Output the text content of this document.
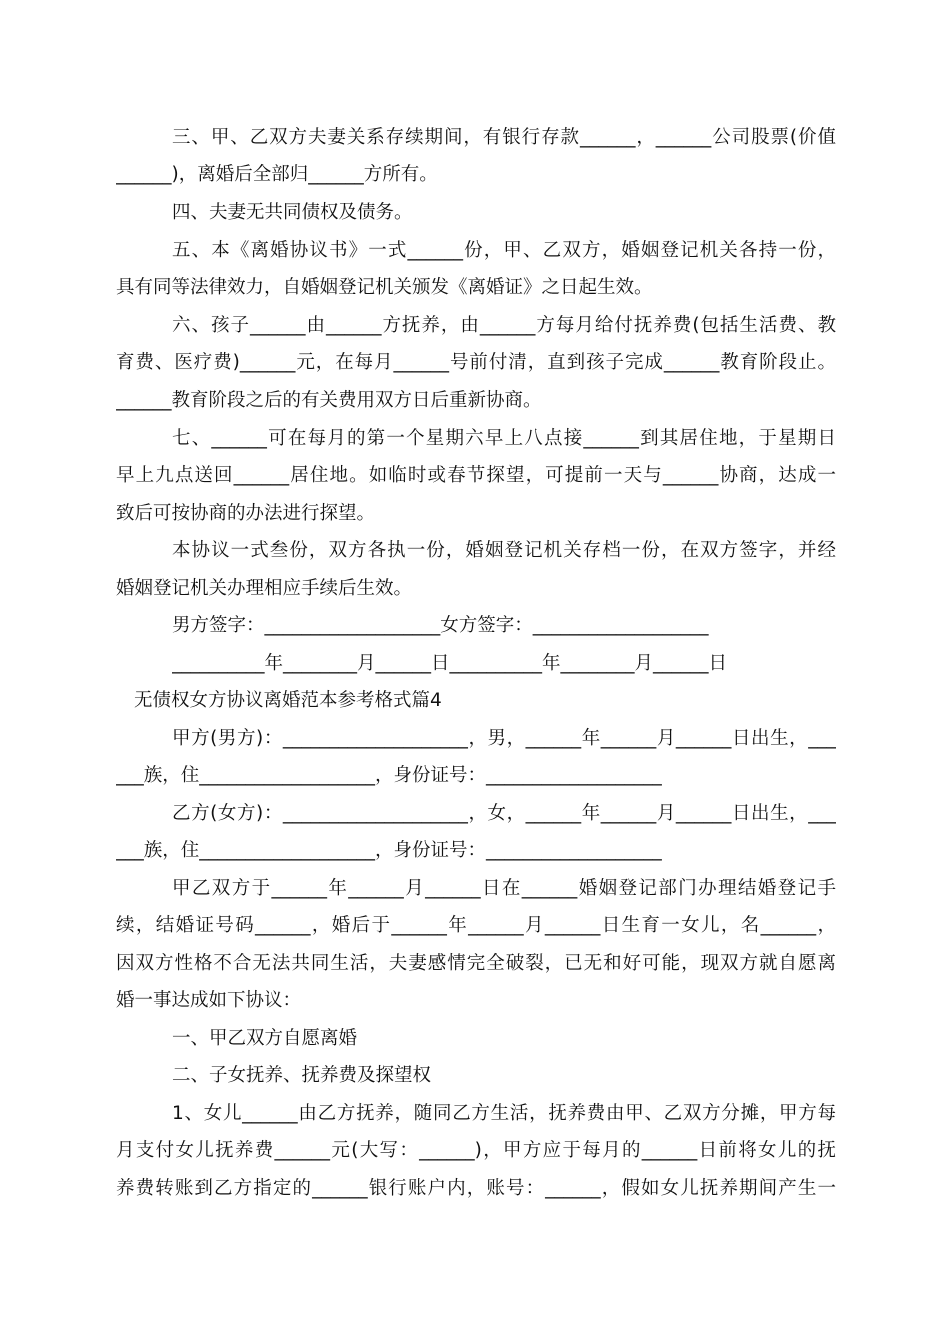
三、甲、乙双方夫妻关系存续期间，有银行存款______，______公司股票(价值
______)，离婚后全部归______方所有。
四、夫妻无共同债权及债务。
五、本《离婚协议书》一式______份，甲、乙双方，婚姻登记机关各持一份，
具有同等法律效力，自婚姻登记机关颁发《离婚证》之日起生效。
六、孩子______由______方抚养，由______方每月给付抚养费(包括生活费、教
育费、医疗费)______元，在每月______号前付清，直到孩子完成______教育阶段止。
______教育阶段之后的有关费用双方日后重新协商。
七、______可在每月的第一个星期六早上八点接______到其居住地，于星期日
早上九点送回______居住地。如临时或春节探望，可提前一天与______协商，达成一
致后可按协商的办法进行探望。
本协议一式叁份，双方各执一份，婚姻登记机关存档一份，在双方签字，并经
婚姻登记机关办理相应手续后生效。
男方签字：___________________女方签字：___________________
__________年________月______日__________年________月______日
无债权女方协议离婚范本参考格式篇4
甲方(男方)：____________________，男，______年______月______日出生，___
___族，住___________________，身份证号：___________________
乙方(女方)：____________________，女，______年______月______日出生，___
___族，住___________________，身份证号：___________________
甲乙双方于______年______月______日在______婚姻登记部门办理结婚登记手
续，结婚证号码______，婚后于______年______月______日生育一女儿，名______，
因双方性格不合无法共同生活，夫妻感情完全破裂，已无和好可能，现双方就自愿离
婚一事达成如下协议：
一、甲乙双方自愿离婚
二、子女抚养、抚养费及探望权
1、女儿______由乙方抚养，随同乙方生活，抚养费由甲、乙双方分摊，甲方每
月支付女儿抚养费______元(大写：______)，甲方应于每月的______日前将女儿的抚
养费转账到乙方指定的______银行账户内，账号：______，假如女儿抚养期间产生一
